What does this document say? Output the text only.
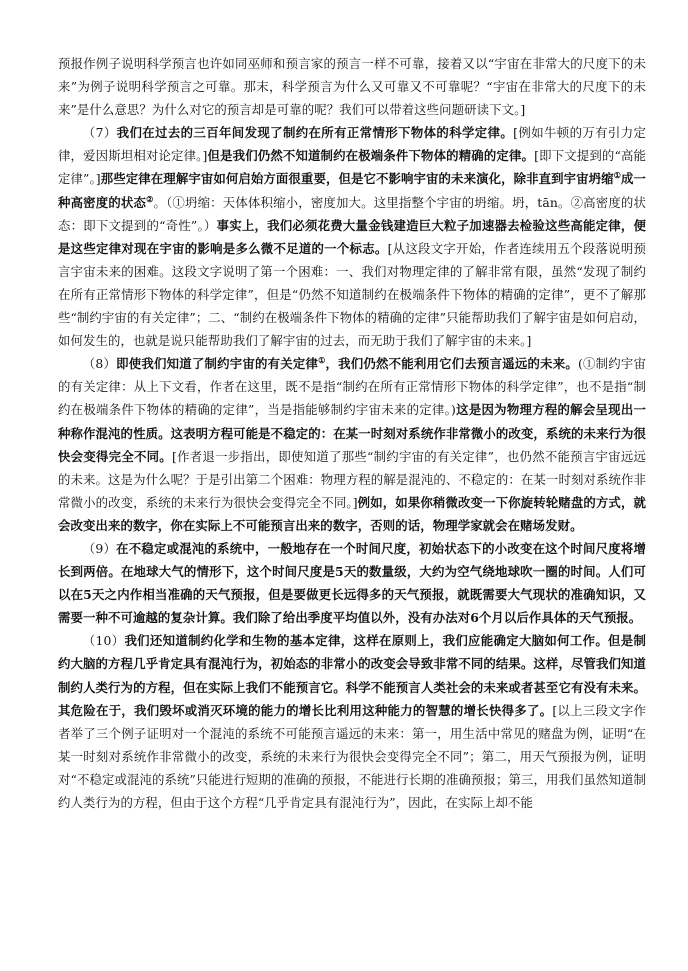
预报作例子说明科学预言也许如同巫师和预言家的预言一样不可靠，接着又以“宇宙在非常大的尺度下的未来”为例子说明科学预言之可靠。那末，科学预言为什么又可靠又不可靠呢？“宇宙在非常大的尺度下的未来”是什么意思？为什么对它的预言却是可靠的呢？我们可以带着这些问题研读下文。]

（7）我们在过去的三百年间发现了制约在所有正常情形下物体的科学定律。[例如牛顿的万有引力定律，爱因斯坦相对论定律。]但是我们仍然不知道制约在极端条件下物体的精确的定律。[即下文提到的“高能定律”。]那些定律在理解宇宙如何启始方面很重要，但是它不影响宇宙的未来演化，除非直到宇宙坍缩①成一种高密度的状态②。（①坍缩：天体体积缩小，密度加大。这里指整个宇宙的坍缩。坍，tān。②高密度的状态：即下文提到的“奇性”。）事实上，我们必须花费大量金钱建造巨大粒子加速器去检验这些高能定律，便是这些定律对现在宇宙的影响是多么微不足道的一个标志。[从这段文字开始，作者连续用五个段落说明预言宇宙未来的困难。这段文字说明了第一个困难：一、我们对物理定律的了解非常有限，虽然“发现了制约在所有正常情形下物体的科学定律”，但是“仍然不知道制约在极端条件下物体的精确的定律”，更不了解那些“制约宇宙的有关定律”；二、“制约在极端条件下物体的精确的定律”只能帮助我们了解宇宙是如何启动，如何发生的，也就是说只能帮助我们了解宇宙的过去，而无助于我们了解宇宙的未来。]

（8）即使我们知道了制约宇宙的有关定律①，我们仍然不能利用它们去预言遥远的未来。(①制约宇宙的有关定律：从上下文看，作者在这里，既不是指“制约在所有正常情形下物体的科学定律”，也不是指“制约在极端条件下物体的精确的定律”，当是指能够制约宇宙未来的定律。)这是因为物理方程的解会呈现出一种称作混沌的性质。这表明方程可能是不稳定的：在某一时刻对系统作非常微小的改变，系统的未来行为很快会变得完全不同。[作者退一步指出，即使知道了那些“制约宇宙的有关定律”，也仍然不能预言宇宙远远的未来。这是为什么呢？于是引出第二个困难：物理方程的解是混沌的、不稳定的：在某一时刻对系统作非常微小的改变，系统的未来行为很快会变得完全不同。]例如，如果你稍微改变一下你旋转轮赌盘的方式，就会改变出来的数字，你在实际上不可能预言出来的数字，否则的话，物理学家就会在赌场发财。

（9）在不稳定或混沌的系统中，一般地存在一个时间尺度，初始状态下的小改变在这个时间尺度将增长到两倍。在地球大气的情形下，这个时间尺度是5天的数量级，大约为空气绕地球吹一圈的时间。人们可以在5天之内作相当准确的天气预报，但是要做更长远得多的天气预报，就既需要大气现状的准确知识，又需要一种不可逾越的复杂计算。我们除了给出季度平均值以外，没有办法对6个月以后作具体的天气预报。

（10）我们还知道制约化学和生物的基本定律，这样在原则上，我们应能确定大脑如何工作。但是制约大脑的方程几乎肯定具有混沌行为，初始态的非常小的改变会导致非常不同的结果。这样，尽管我们知道制约人类行为的方程，但在实际上我们不能预言它。科学不能预言人类社会的未来或者甚至它有没有未来。其危险在于，我们毁坏或消灭环境的能力的增长比利用这种能力的智慧的增长快得多了。[以上三段文字作者举了三个例子证明对一个混沌的系统不可能预言遥远的未来：第一，用生活中常见的赌盘为例，证明“在某一时刻对系统作非常微小的改变，系统的未来行为很快会变得完全不同”；第二，用天气预报为例，证明对“不稳定或混沌的系统”只能进行短期的准确的预报，不能进行长期的准确预报；第三，用我们虽然知道制约人类行为的方程，但由于这个方程“几乎肯定具有混沌行为”，因此，在实际上却不能
